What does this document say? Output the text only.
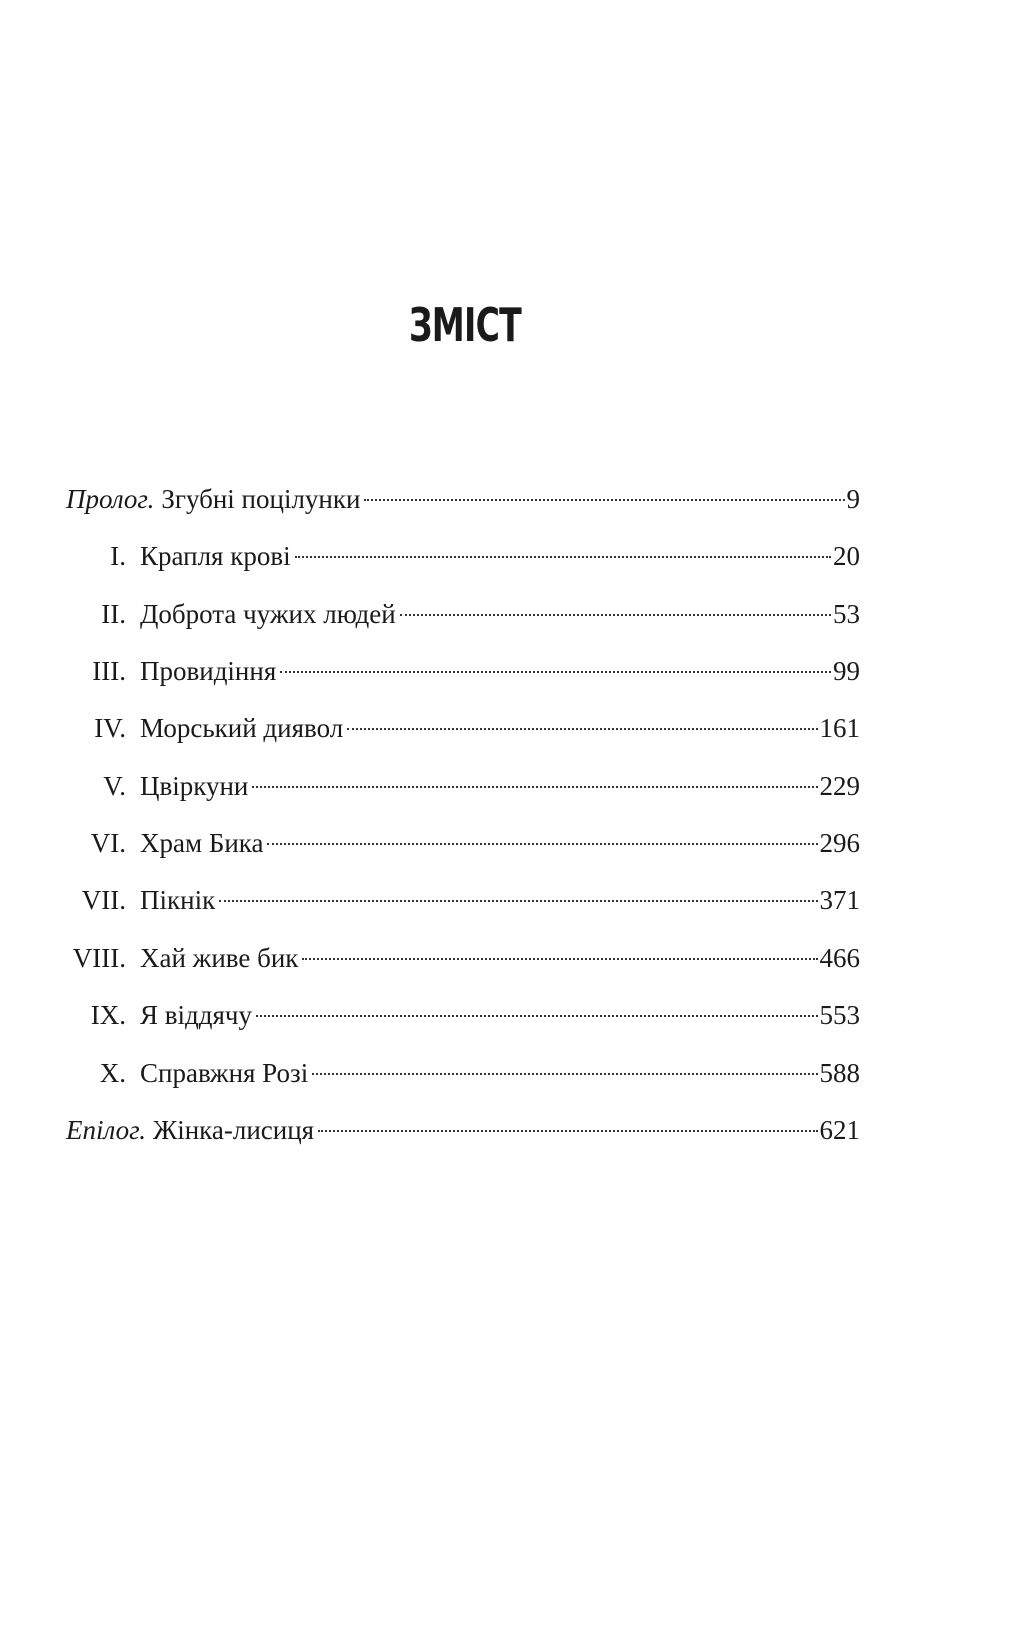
ЗМІСТ
Пролог. Згубні поцілунки	9
I. Крапля крові	20
II. Доброта чужих людей	53
III. Провидіння	99
IV. Морський диявол	161
V. Цвіркуни	229
VI. Храм Бика	296
VII. Пікнік	371
VIII. Хай живе бик	466
IX. Я віддячу	553
X. Справжня Розі	588
Епілог. Жінка-лисиця	621
